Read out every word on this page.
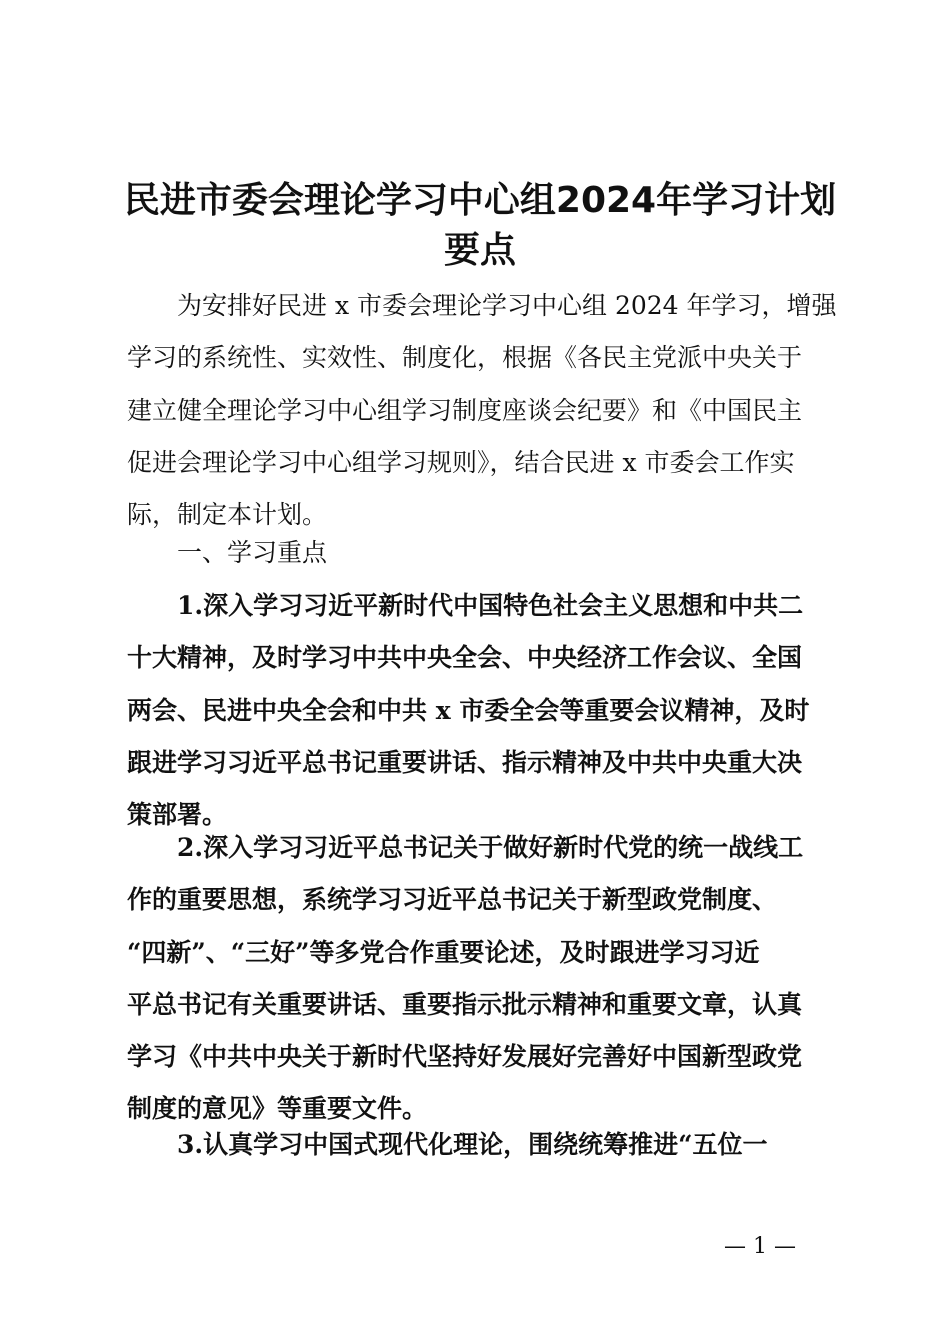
民进市委会理论学习中心组2024年学习计划
要点
为安排好民进 x 市委会理论学习中心组 2024 年学习，增强
学习的系统性、实效性、制度化，根据《各民主党派中央关于
建立健全理论学习中心组学习制度座谈会纪要》和《中国民主
促进会理论学习中心组学习规则》，结合民进 x 市委会工作实
际，制定本计划。
一、学习重点
1.深入学习习近平新时代中国特色社会主义思想和中共二
十大精神，及时学习中共中央全会、中央经济工作会议、全国
两会、民进中央全会和中共 x 市委全会等重要会议精神，及时
跟进学习习近平总书记重要讲话、指示精神及中共中央重大决
策部署。
2.深入学习习近平总书记关于做好新时代党的统一战线工
作的重要思想，系统学习习近平总书记关于新型政党制度、
“四新”、“三好”等多党合作重要论述，及时跟进学习习近
平总书记有关重要讲话、重要指示批示精神和重要文章，认真
学习《中共中央关于新时代坚持好发展好完善好中国新型政党
制度的意见》等重要文件。
3.认真学习中国式现代化理论，围绕统筹推进“五位一
— 1 —
